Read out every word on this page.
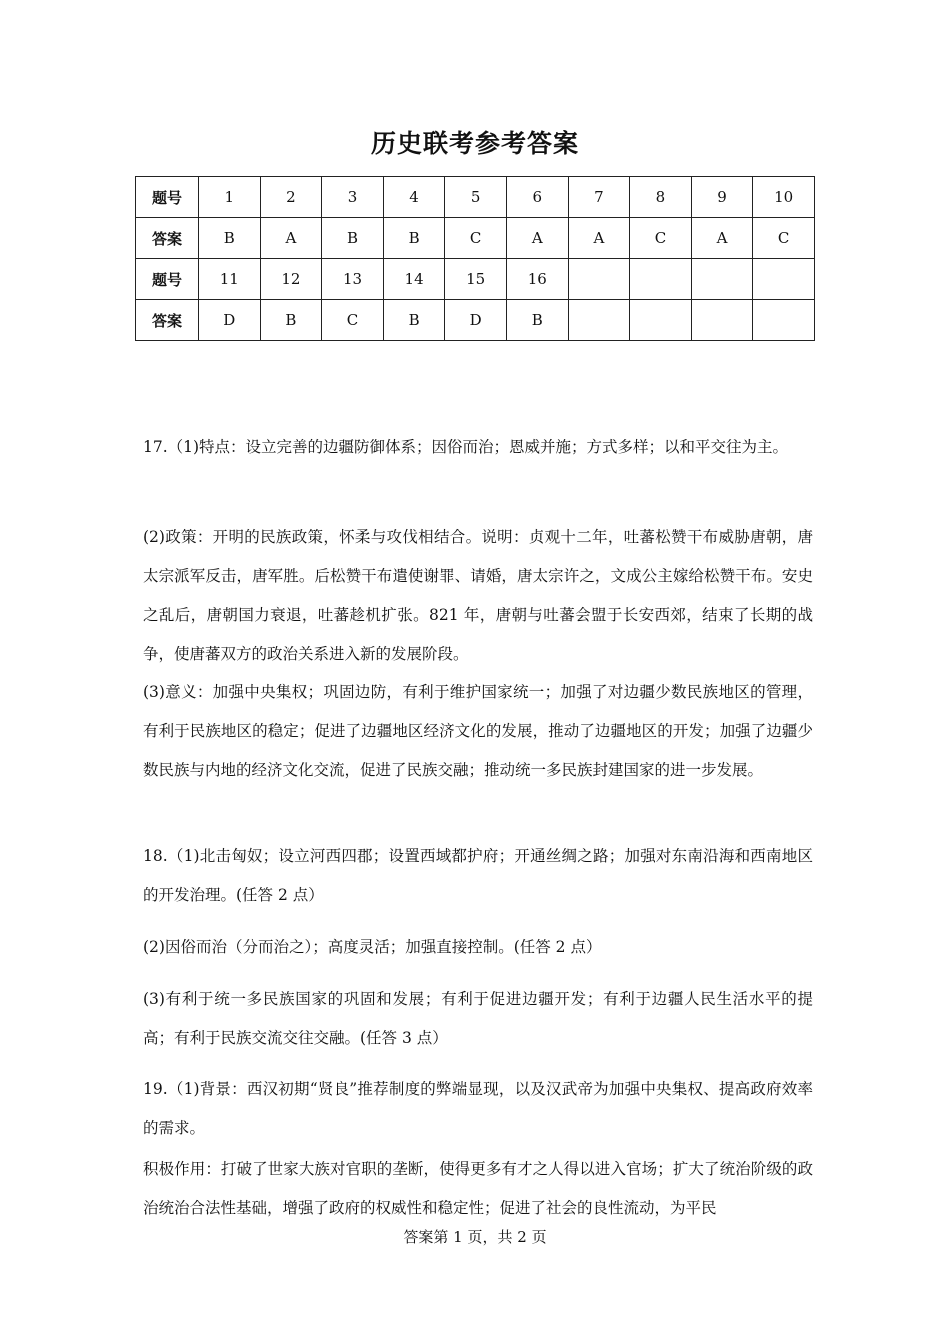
历史联考参考答案
题号	1	2	3	4	5	6	7	8	9	10
答案	B	A	B	B	C	A	A	C	A	C
题号	11	12	13	14	15	16				
答案	D	B	C	B	D	B				

17.（1)特点：设立完善的边疆防御体系；因俗而治；恩威并施；方式多样；以和平交往为主。

(2)政策：开明的民族政策，怀柔与攻伐相结合。说明：贞观十二年，吐蕃松赞干布威胁唐朝，唐太宗派军反击，唐军胜。后松赞干布遣使谢罪、请婚，唐太宗许之，文成公主嫁给松赞干布。安史之乱后，唐朝国力衰退，吐蕃趁机扩张。821 年，唐朝与吐蕃会盟于长安西郊，结束了长期的战争，使唐蕃双方的政治关系进入新的发展阶段。

(3)意义：加强中央集权；巩固边防，有利于维护国家统一；加强了对边疆少数民族地区的管理，有利于民族地区的稳定；促进了边疆地区经济文化的发展，推动了边疆地区的开发；加强了边疆少数民族与内地的经济文化交流，促进了民族交融；推动统一多民族封建国家的进一步发展。

18.（1)北击匈奴；设立河西四郡；设置西域都护府；开通丝绸之路；加强对东南沿海和西南地区的开发治理。(任答 2 点）

(2)因俗而治（分而治之）；高度灵活；加强直接控制。(任答 2 点）

(3)有利于统一多民族国家的巩固和发展；有利于促进边疆开发；有利于边疆人民生活水平的提高；有利于民族交流交往交融。(任答 3 点）

19.（1)背景：西汉初期“贤良”推荐制度的弊端显现，以及汉武帝为加强中央集权、提高政府效率的需求。

积极作用：打破了世家大族对官职的垄断，使得更多有才之人得以进入官场；扩大了统治阶级的政治统治合法性基础，增强了政府的权威性和稳定性；促进了社会的良性流动，为平民

答案第 1 页，共 2 页
